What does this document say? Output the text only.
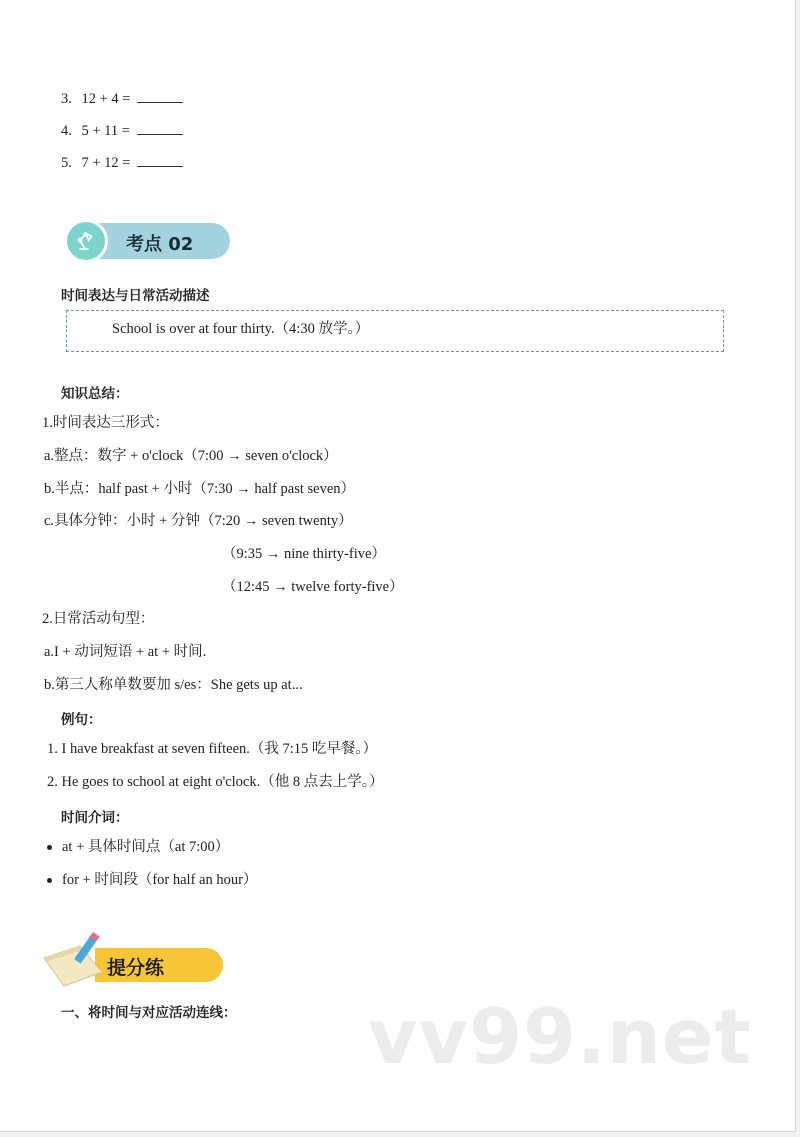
3. 12 + 4 =
4. 5 + 11 =
5. 7 + 12 =
考点 02
时间表达与日常活动描述
School is over at four thirty.（4:30 放学。）
知识总结：
1.时间表达三形式：
a.整点：数字 + o'clock（7:00 → seven o'clock）
b.半点：half past + 小时（7:30 → half past seven）
c.具体分钟：小时 + 分钟（7:20 → seven twenty）
（9:35 → nine thirty-five）
（12:45 → twelve forty-five）
2.日常活动句型：
a.I + 动词短语 + at + 时间.
b.第三人称单数要加 s/es：She gets up at...
例句：
1. I have breakfast at seven fifteen.（我 7:15 吃早餐。）
2. He goes to school at eight o'clock.（他 8 点去上学。）
时间介词：
at + 具体时间点（at 7:00）
for + 时间段（for half an hour）
提分练
一、将时间与对应活动连线： vv99.net
